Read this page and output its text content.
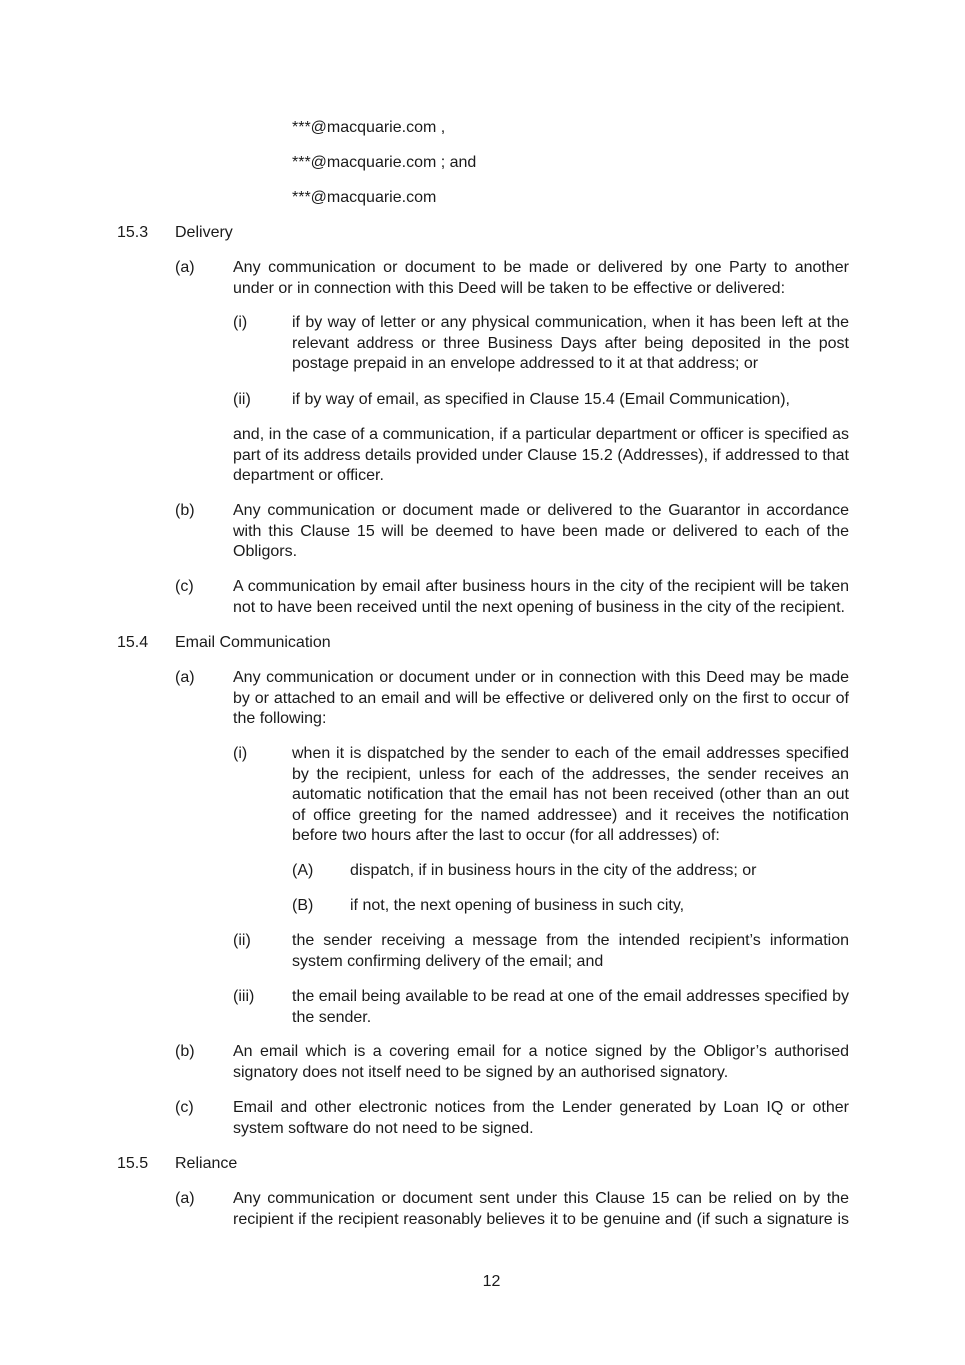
***@macquarie.com ,
***@macquarie.com ; and
***@macquarie.com
15.3 Delivery
(a) Any communication or document to be made or delivered by one Party to another under or in connection with this Deed will be taken to be effective or delivered:
(i)	if by way of letter or any physical communication, when it has been left at the relevant address or three Business Days after being deposited in the post postage prepaid in an envelope addressed to it at that address; or
(ii)	if by way of email, as specified in Clause 15.4 (Email Communication),
and, in the case of a communication, if a particular department or officer is specified as part of its address details provided under Clause 15.2 (Addresses), if addressed to that department or officer.
(b) Any communication or document made or delivered to the Guarantor in accordance with this Clause 15 will be deemed to have been made or delivered to each of the Obligors.
(c) A communication by email after business hours in the city of the recipient will be taken not to have been received until the next opening of business in the city of the recipient.
15.4 Email Communication
(a) Any communication or document under or in connection with this Deed may be made by or attached to an email and will be effective or delivered only on the first to occur of the following:
(i)	when it is dispatched by the sender to each of the email addresses specified by the recipient, unless for each of the addresses, the sender receives an automatic notification that the email has not been received (other than an out of office greeting for the named addressee) and it receives the notification before two hours after the last to occur (for all addresses) of:
(A) dispatch, if in business hours in the city of the address; or
(B) if not, the next opening of business in such city,
(ii)	the sender receiving a message from the intended recipient’s information system confirming delivery of the email; and
(iii) the email being available to be read at one of the email addresses specified by the sender.
(b) An email which is a covering email for a notice signed by the Obligor’s authorised signatory does not itself need to be signed by an authorised signatory.
(c) Email and other electronic notices from the Lender generated by Loan IQ or other system software do not need to be signed.
15.5 Reliance
(a) Any communication or document sent under this Clause 15 can be relied on by the recipient if the recipient reasonably believes it to be genuine and (if such a signature is
12
